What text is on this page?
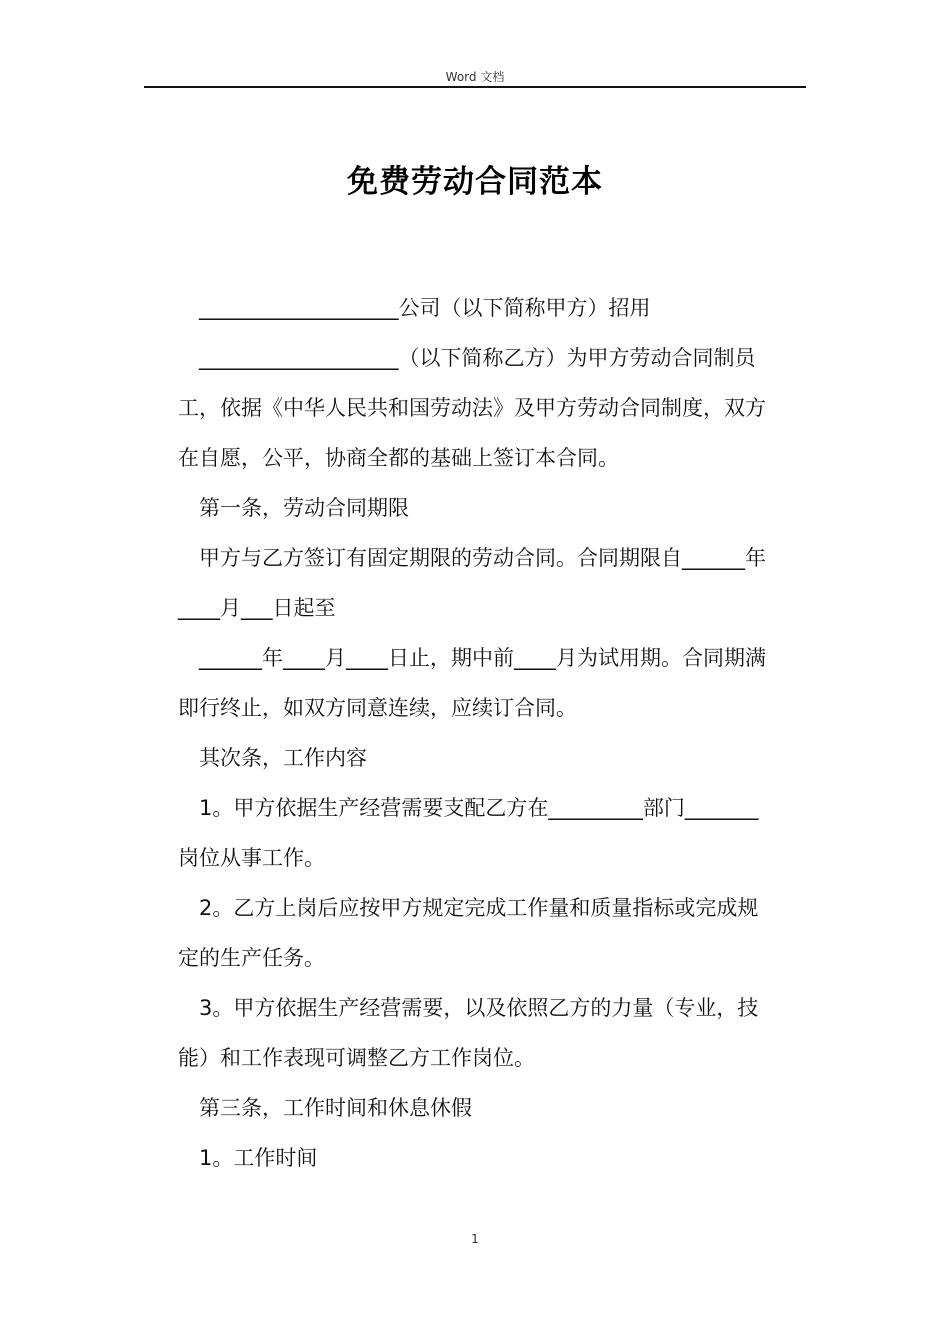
Word 文档
免费劳动合同范本
___________________公司（以下简称甲方）招用
___________________（以下简称乙方）为甲方劳动合同制员
工，依据《中华人民共和国劳动法》及甲方劳动合同制度，双方
在自愿，公平，协商全都的基础上签订本合同。
第一条，劳动合同期限
甲方与乙方签订有固定期限的劳动合同。合同期限自______年
____月___日起至
______年____月____日止，期中前____月为试用期。合同期满
即行终止，如双方同意连续，应续订合同。
其次条，工作内容
1。甲方依据生产经营需要支配乙方在_________部门_______
岗位从事工作。
2。乙方上岗后应按甲方规定完成工作量和质量指标或完成规
定的生产任务。
3。甲方依据生产经营需要，以及依照乙方的力量（专业，技
能）和工作表现可调整乙方工作岗位。
第三条，工作时间和休息休假
1。工作时间
1
